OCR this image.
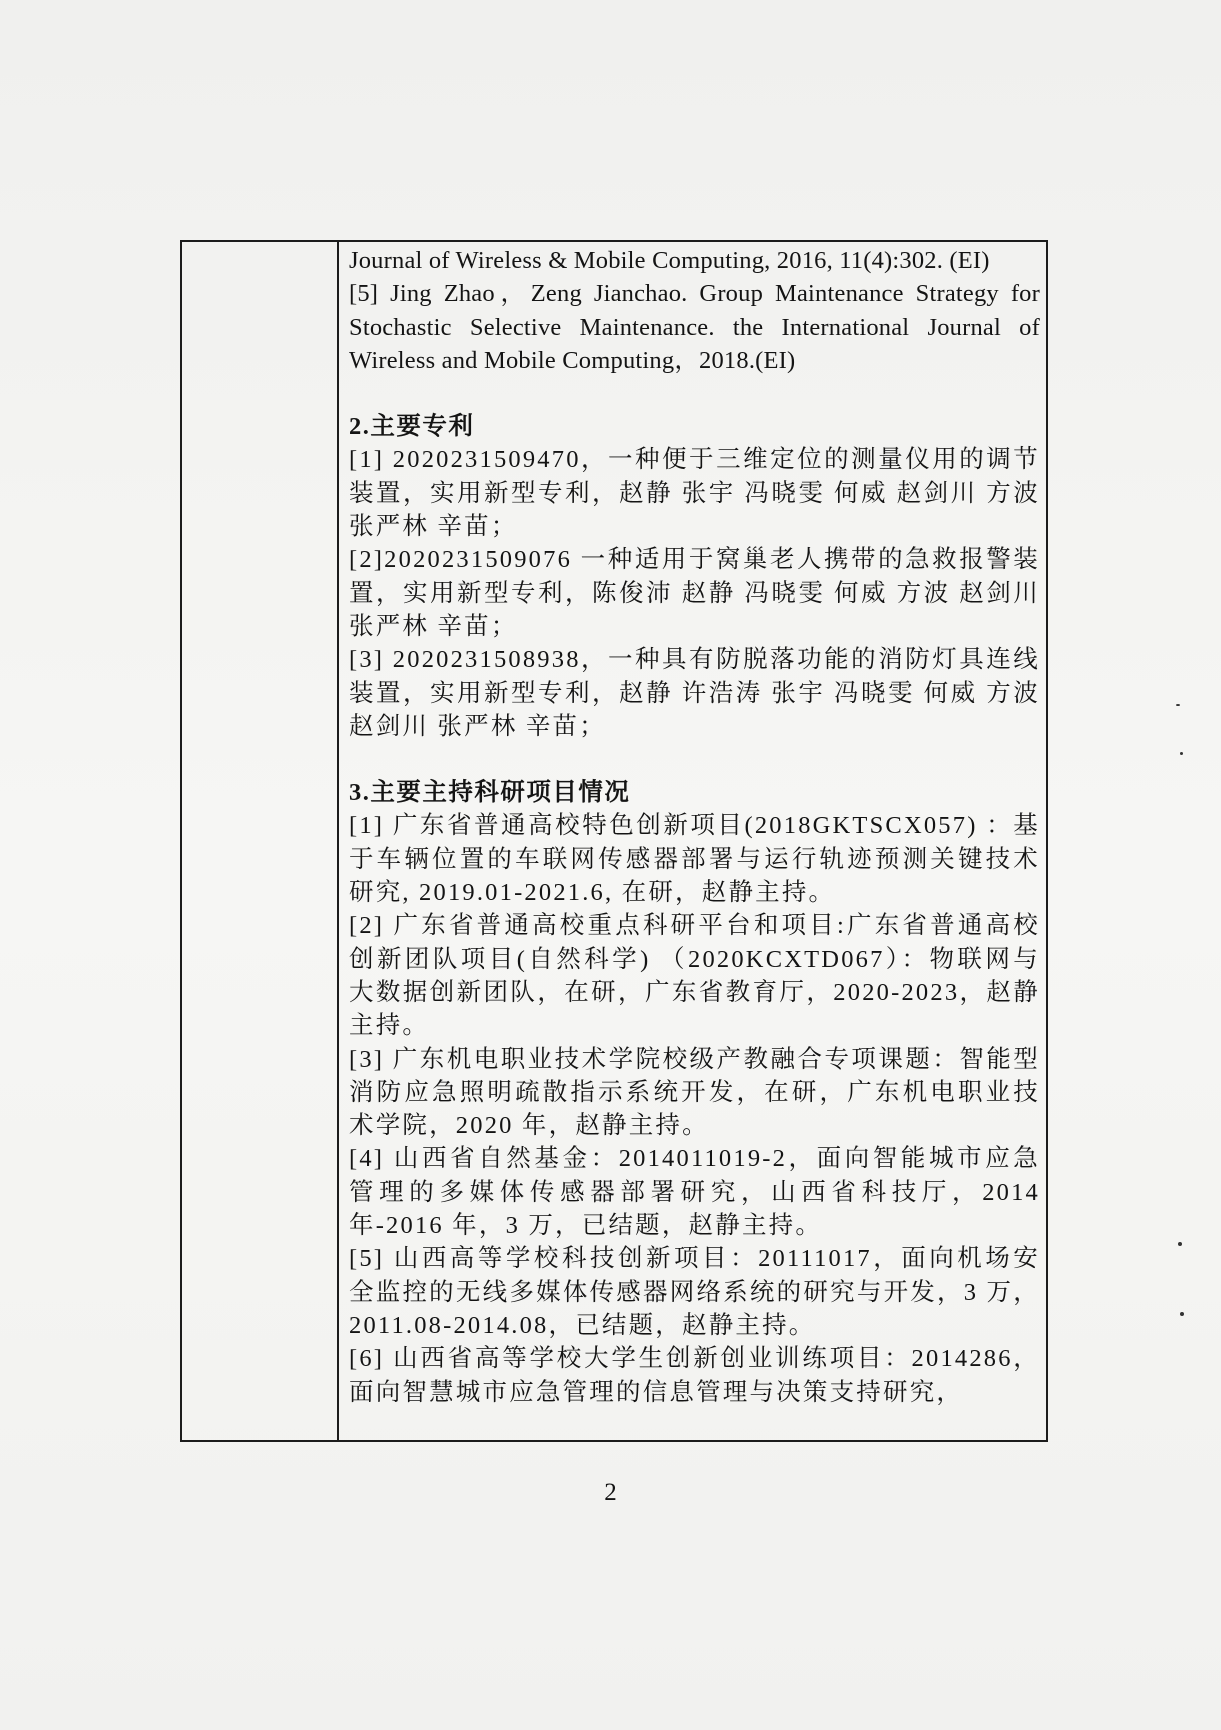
Journal of Wireless & Mobile Computing, 2016, 11(4):302. (EI)

[5] Jing Zhao，Zeng Jianchao. Group Maintenance Strategy for Stochastic Selective Maintenance. the International Journal of Wireless and Mobile Computing，2018.(EI)

2.主要专利

[1] 2020231509470，一种便于三维定位的测量仪用的调节装置，实用新型专利，赵静 张宇 冯晓雯 何威 赵剑川 方波 张严林 辛苗；

[2]2020231509076 一种适用于窝巢老人携带的急救报警装置，实用新型专利，陈俊沛 赵静 冯晓雯 何威 方波 赵剑川 张严林 辛苗；

[3] 2020231508938，一种具有防脱落功能的消防灯具连线装置，实用新型专利，赵静 许浩涛 张宇 冯晓雯 何威 方波 赵剑川 张严林 辛苗；

3.主要主持科研项目情况

[1] 广东省普通高校特色创新项目(2018GKTSCX057) ：基于车辆位置的车联网传感器部署与运行轨迹预测关键技术研究, 2019.01-2021.6, 在研，赵静主持。

[2] 广东省普通高校重点科研平台和项目:广东省普通高校创新团队项目(自然科学) （2020KCXTD067）：物联网与大数据创新团队，在研，广东省教育厅，2020-2023，赵静主持。

[3] 广东机电职业技术学院校级产教融合专项课题：智能型消防应急照明疏散指示系统开发，在研，广东机电职业技术学院，2020 年，赵静主持。

[4] 山西省自然基金：2014011019-2，面向智能城市应急管理的多媒体传感器部署研究，山西省科技厅，2014 年-2016 年，3 万，已结题，赵静主持。

[5] 山西高等学校科技创新项目：20111017，面向机场安全监控的无线多媒体传感器网络系统的研究与开发，3 万，2011.08-2014.08，已结题，赵静主持。

[6] 山西省高等学校大学生创新创业训练项目：2014286，面向智慧城市应急管理的信息管理与决策支持研究，

2
